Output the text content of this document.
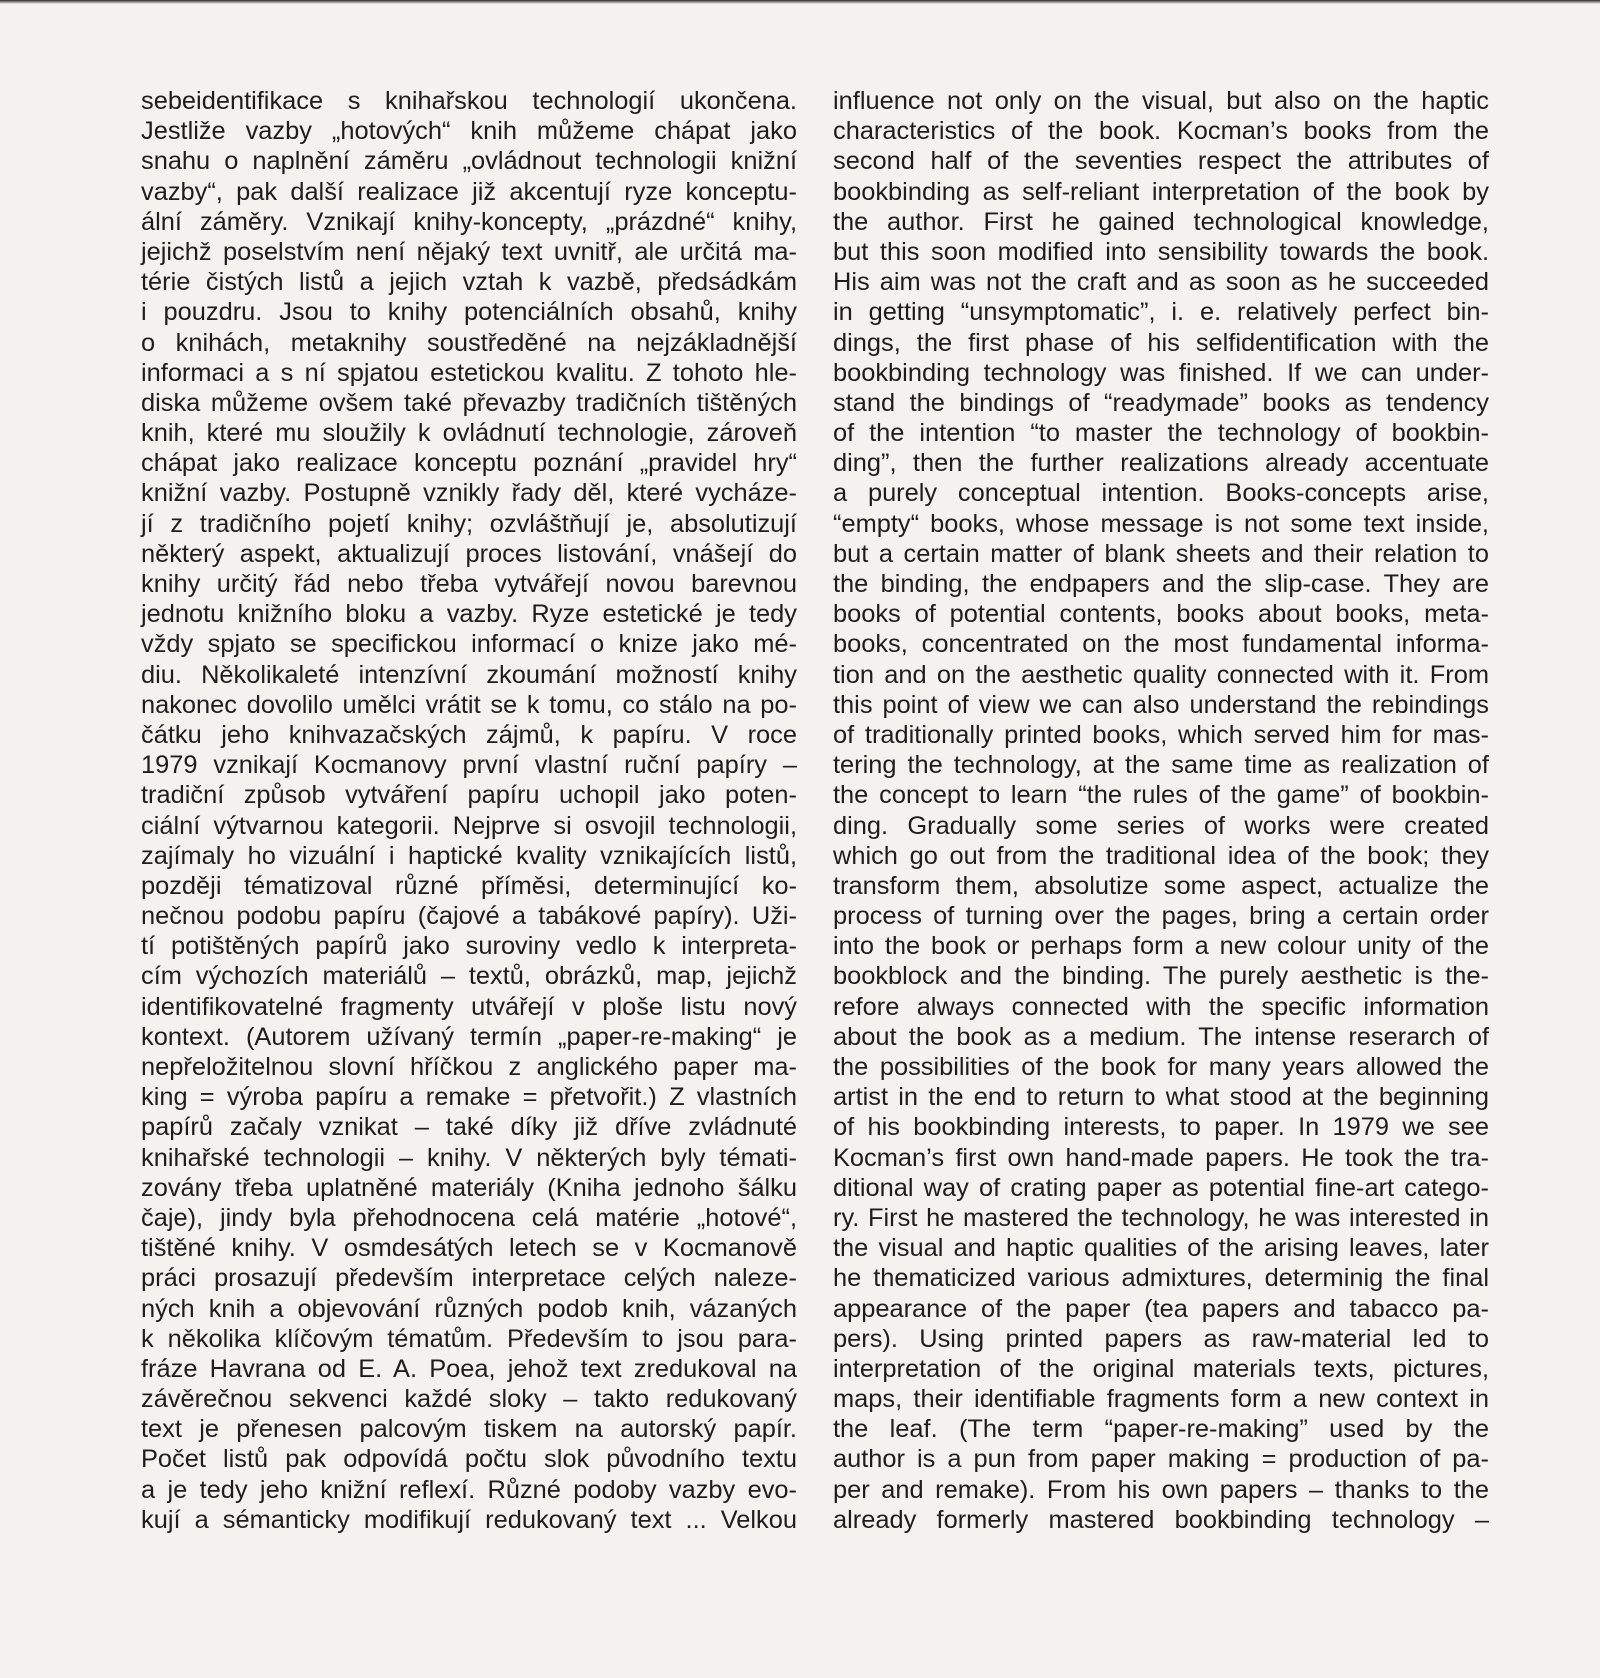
sebeidentifikace s knihařskou technologií ukončena.
Jestliže vazby „hotových“ knih můžeme chápat jako
snahu o naplnění záměru „ovládnout technologii knižní
vazby“, pak další realizace již akcentují ryze konceptu-
ální záměry. Vznikají knihy-koncepty, „prázdné“ knihy,
jejichž poselstvím není nějaký text uvnitř, ale určitá ma-
térie čistých listů a jejich vztah k vazbě, předsádkám
i pouzdru. Jsou to knihy potenciálních obsahů, knihy
o knihách, metaknihy soustředěné na nejzákladnější
informaci a s ní spjatou estetickou kvalitu. Z tohoto hle-
diska můžeme ovšem také převazby tradičních tištěných
knih, které mu sloužily k ovládnutí technologie, zároveň
chápat jako realizace konceptu poznání „pravidel hry“
knižní vazby. Postupně vznikly řady děl, které vycháze-
jí z tradičního pojetí knihy; ozvláštňují je, absolutizují
některý aspekt, aktualizují proces listování, vnášejí do
knihy určitý řád nebo třeba vytvářejí novou barevnou
jednotu knižního bloku a vazby. Ryze estetické je tedy
vždy spjato se specifickou informací o knize jako mé-
diu. Několikaleté intenzívní zkoumání možností knihy
nakonec dovolilo umělci vrátit se k tomu, co stálo na po-
čátku jeho knihvazačských zájmů, k papíru. V roce
1979 vznikají Kocmanovy první vlastní ruční papíry –
tradiční způsob vytváření papíru uchopil jako poten-
ciální výtvarnou kategorii. Nejprve si osvojil technologii,
zajímaly ho vizuální i haptické kvality vznikajících listů,
později tématizoval různé příměsi, determinující ko-
nečnou podobu papíru (čajové a tabákové papíry). Uži-
tí potištěných papírů jako suroviny vedlo k interpreta-
cím výchozích materiálů – textů, obrázků, map, jejichž
identifikovatelné fragmenty utvářejí v ploše listu nový
kontext. (Autorem užívaný termín „paper-re-making“ je
nepřeložitelnou slovní hříčkou z anglického paper ma-
king = výroba papíru a remake = přetvořit.) Z vlastních
papírů začaly vznikat – také díky již dříve zvládnuté
knihařské technologii – knihy. V některých byly témati-
zovány třeba uplatněné materiály (Kniha jednoho šálku
čaje), jindy byla přehodnocena celá matérie „hotové“,
tištěné knihy. V osmdesátých letech se v Kocmanově
práci prosazují především interpretace celých naleze-
ných knih a objevování různých podob knih, vázaných
k několika klíčovým tématům. Především to jsou para-
fráze Havrana od E. A. Poea, jehož text zredukoval na
závěrečnou sekvenci každé sloky – takto redukovaný
text je přenesen palcovým tiskem na autorský papír.
Počet listů pak odpovídá počtu slok původního textu
a je tedy jeho knižní reflexí. Různé podoby vazby evo-
kují a sémanticky modifikují redukovaný text ... Velkou
influence not only on the visual, but also on the haptic
characteristics of the book. Kocman’s books from the
second half of the seventies respect the attributes of
bookbinding as self-reliant interpretation of the book by
the author. First he gained technological knowledge,
but this soon modified into sensibility towards the book.
His aim was not the craft and as soon as he succeeded
in getting “unsymptomatic”, i. e. relatively perfect bin-
dings, the first phase of his selfidentification with the
bookbinding technology was finished. If we can under-
stand the bindings of “readymade” books as tendency
of the intention “to master the technology of bookbin-
ding”, then the further realizations already accentuate
a purely conceptual intention. Books-concepts arise,
“empty“ books, whose message is not some text inside,
but a certain matter of blank sheets and their relation to
the binding, the endpapers and the slip-case. They are
books of potential contents, books about books, meta-
books, concentrated on the most fundamental informa-
tion and on the aesthetic quality connected with it. From
this point of view we can also understand the rebindings
of traditionally printed books, which served him for mas-
tering the technology, at the same time as realization of
the concept to learn “the rules of the game” of bookbin-
ding. Gradually some series of works were created
which go out from the traditional idea of the book; they
transform them, absolutize some aspect, actualize the
process of turning over the pages, bring a certain order
into the book or perhaps form a new colour unity of the
bookblock and the binding. The purely aesthetic is the-
refore always connected with the specific information
about the book as a medium. The intense reserarch of
the possibilities of the book for many years allowed the
artist in the end to return to what stood at the beginning
of his bookbinding interests, to paper. In 1979 we see
Kocman’s first own hand-made papers. He took the tra-
ditional way of crating paper as potential fine-art catego-
ry. First he mastered the technology, he was interested in
the visual and haptic qualities of the arising leaves, later
he thematicized various admixtures, determinig the final
appearance of the paper (tea papers and tabacco pa-
pers). Using printed papers as raw-material led to
interpretation of the original materials texts, pictures,
maps, their identifiable fragments form a new context in
the leaf. (The term “paper-re-making” used by the
author is a pun from paper making = production of pa-
per and remake). From his own papers – thanks to the
already formerly mastered bookbinding technology –
